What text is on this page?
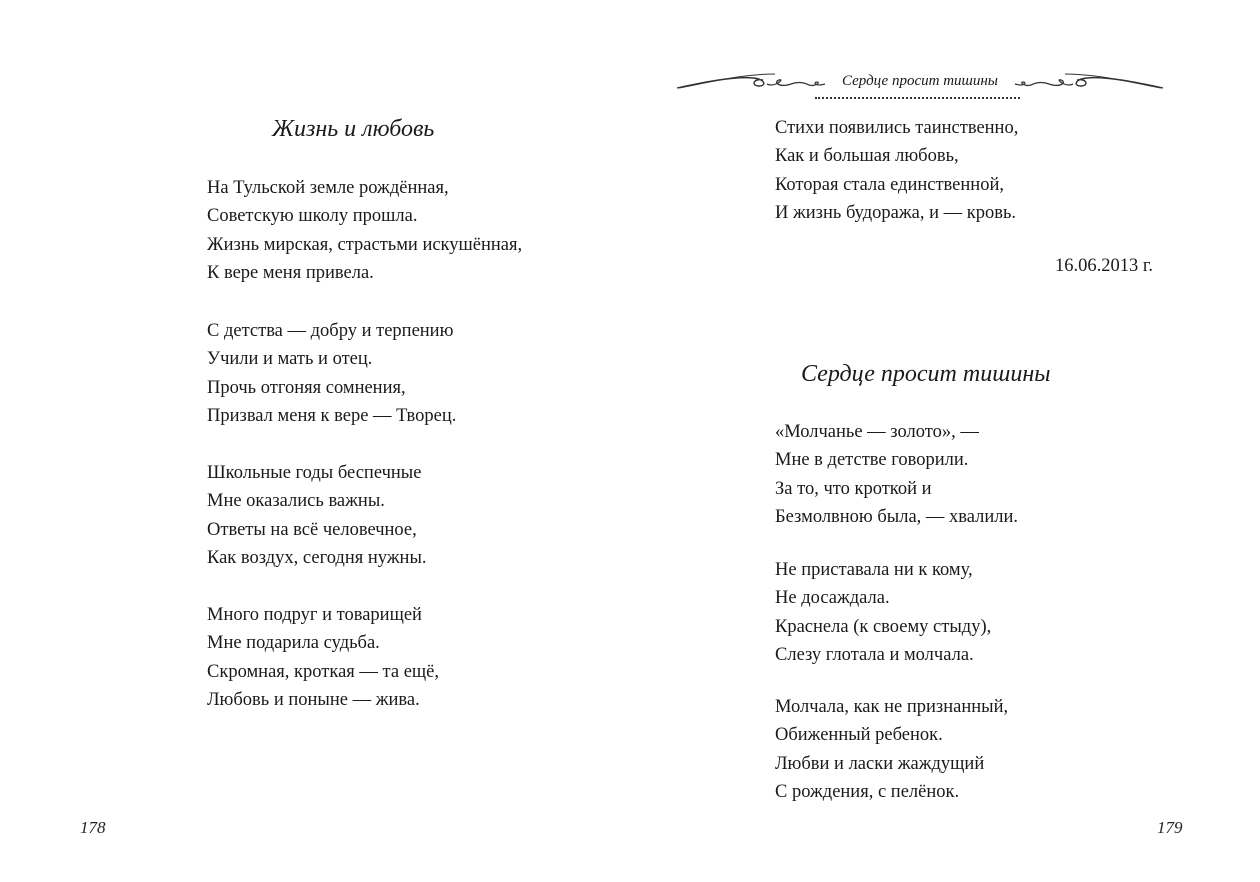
Жизнь и любовь
На Тульской земле рождённая,
Советскую школу прошла.
Жизнь мирская, страстьми искушённая,
К вере меня привела.
С детства — добру и терпению
Учили и мать и отец.
Прочь отгоняя сомнения,
Призвал меня к вере — Творец.
Школьные годы беспечные
Мне оказались важны.
Ответы на всё человечное,
Как воздух, сегодня нужны.
Много подруг и товарищей
Мне подарила судьба.
Скромная, кроткая — та ещё,
Любовь и поныне — жива.
178
Сердце просит тишины
Стихи появились таинственно,
Как и большая любовь,
Которая стала единственной,
И жизнь будоража, и — кровь.
16.06.2013 г.
Сердце просит тишины
«Молчанье — золото», —
Мне в детстве говорили.
За то, что кроткой и
Безмолвною была, — хвалили.
Не приставала ни к кому,
Не досаждала.
Краснела (к своему стыду),
Слезу глотала и молчала.
Молчала, как не признанный,
Обиженный ребенок.
Любви и ласки жаждущий
С рождения, с пелёнок.
179
